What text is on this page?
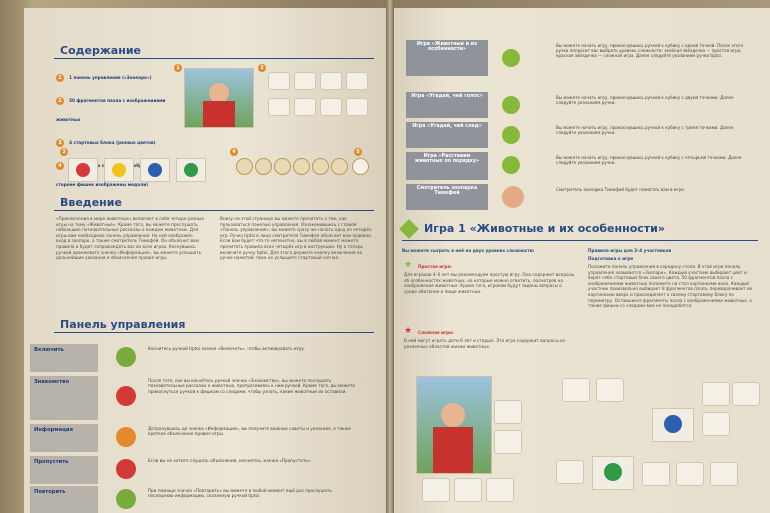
Содержание
1 1 панель управления («Зоопарк»)
2 50 фрагментов пазла с изображениями животных
3 4 стартовых блока (разных цветов)
4 стороне фишек изображены медали)
1	2
3	4	5
Введение
«Приключения в мире животных» включает в себя четыре разные игры на тему «Животные». Кроме того, вы можете прослушать небольшие познавательные рассказы о каждом животном. Для игры вам необходима панель управления. На ней изображён вход в зоопарк, а также смотритель Тимофей. Он объяснит вам правила и будет сопровождать вас во всех играх. Коснувшись ручкой оранжевого значка «Информация», вы можете услышать дальнейшие указания и объяснения правил игры.
Внизу на этой странице вы можете прочитать о том, как пользоваться панелью управления. Ознакомившись с главой «Панель управления», вы можете сразу же начать одну из четырёх игр. Ручка tiptoi в лице смотрителя Тимофея объяснит вам правила. Если вам будет что-то непонятно, вы в любой момент можете прочитать правила всех четырёх игр в инструкции. Ну а теперь включите ручку tiptoi. Для этого держите кнопку включения на ручке нажатой, пока не услышите стартовый сигнал.
Панель управления
Включить	Коснитесь ручкой tiptoi значка «Включить», чтобы активировать игру.
Знакомство	После того, как вы коснётесь ручкой значка «Знакомство», вы можете послушать познавательные рассказы о животных, притрагиваясь к ним ручкой. Кроме того, вы можете прикоснуться ручкой к фишкам со следами, чтобы узнать, какие животные их оставили.
Информация	Дотронувшись до значка «Информация», вы получите важные советы и указания, а также краткое объяснение правил игры.
Пропустить	Если вы не хотите слушать объяснения, коснитесь значка «Пропустить».
Повторить	При помощи значка «Повторить» вы можете в любой момент ещё раз прослушать последнюю информацию, сказанную ручкой tiptoi.
Игра «Животные и их особенности»
Вы можете начать игру, прикоснувшись ручкой к кубику с одной точкой. После этого ручка попросит вас выбрать уровень сложности: зелёная звёздочка — простая игра, красная звёздочка — сложная игра. Далее следуйте указаниям ручки tiptoi.
Игра «Угадай, чей голос»	Вы можете начать игру, прикоснувшись ручкой к кубику с двумя точками. Далее следуйте указаниям ручки.
Игра «Угадай, чей след»	Вы можете начать игру, прикоснувшись ручкой к кубику с тремя точками. Далее следуйте указаниям ручки.
Игра «Расставим животных по порядку»
Вы можете начать игру, прикоснувшись ручкой к кубику с четырьмя точками. Далее следуйте указаниям ручки.
Смотритель зоопарка Тимофей
Смотритель зоопарка Тимофей будет помогать вам в игре.
Игра 1 «Животные и их особенности»
Вы можете сыграть в неё на двух уровнях сложности:
★ Простая игра:
Для игроков 4–6 лет мы рекомендуем простую игру. Она содержит вопросы об особенностях животных, на которые можно ответить, посмотрев на изображения животных. Кроме того, игрокам будут заданы вопросы о среде обитания и пище животных.
★ Сложная игра:
В ней могут играть дети 6 лет и старше. Эта игра содержит вопросы из различных областей жизни животных.
Правила игры для 2–4 участников
Подготовка к игре
Положите панель управления в середину стола. В этой игре панель управления называется «Зоопарк». Каждый участник выбирает цвет и берёт себе стартовый блок своего цвета. 50 фрагментов пазла с изображениями животных положите на стол картинками вниз. Каждый участник произвольно выбирает 8 фрагментов пазла, переворачивает их картинками вверх и присоединяет к своему стартовому блоку по периметру. Оставшиеся фрагменты пазла с изображениями животных, а также фишки со следами вам не понадобятся.
